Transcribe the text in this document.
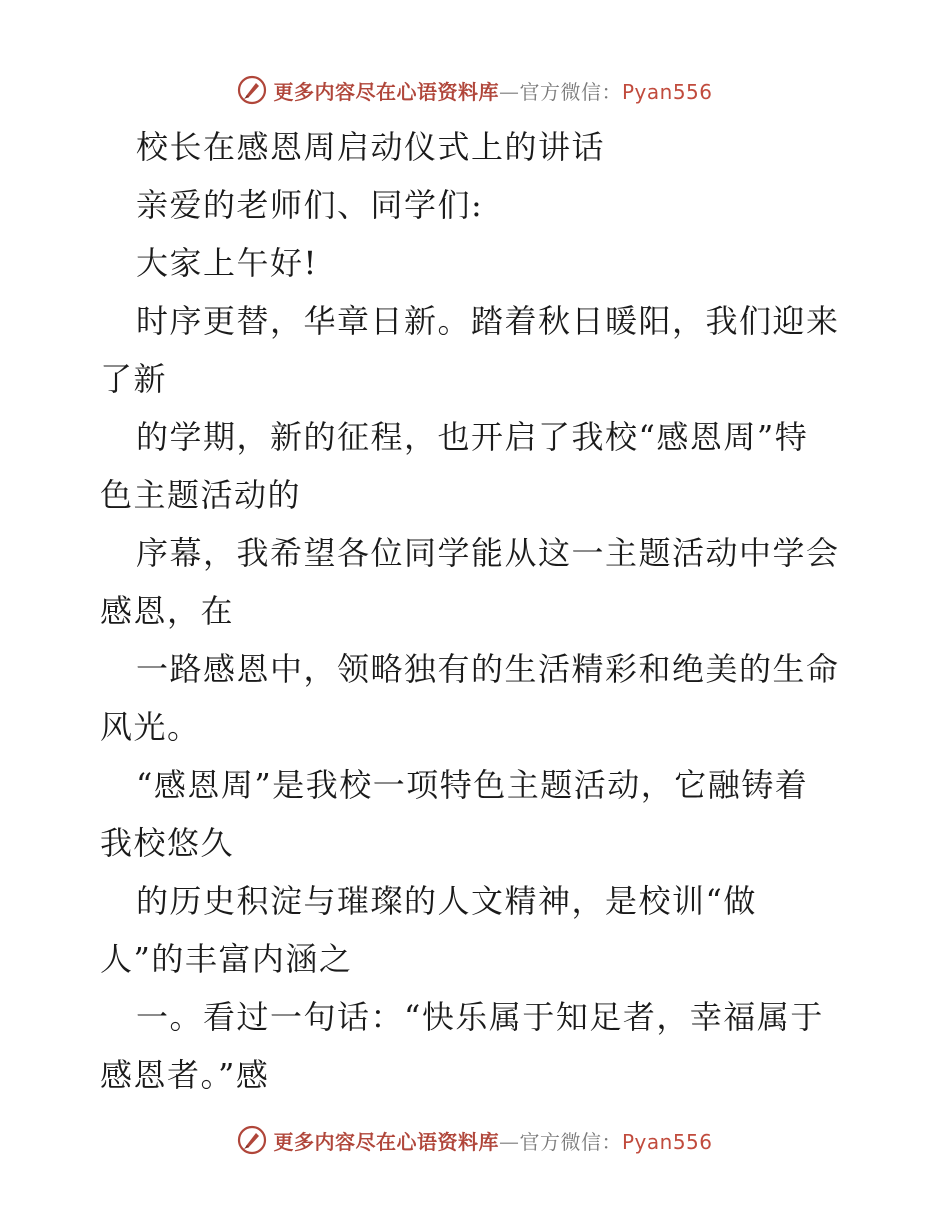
更多内容尽在心语资料库—官方微信：Pyan556
校长在感恩周启动仪式上的讲话
亲爱的老师们、同学们:
大家上午好!
时序更替，华章日新。踏着秋日暖阳，我们迎来
了新
的学期，新的征程，也开启了我校“感恩周”特
色主题活动的
序幕，我希望各位同学能从这一主题活动中学会
感恩，在
一路感恩中，领略独有的生活精彩和绝美的生命
风光。
“感恩周”是我校一项特色主题活动，它融铸着
我校悠久
的历史积淀与璀璨的人文精神，是校训“做
人”的丰富内涵之
一。看过一句话：“快乐属于知足者，幸福属于
感恩者。”感
更多内容尽在心语资料库—官方微信：Pyan556
